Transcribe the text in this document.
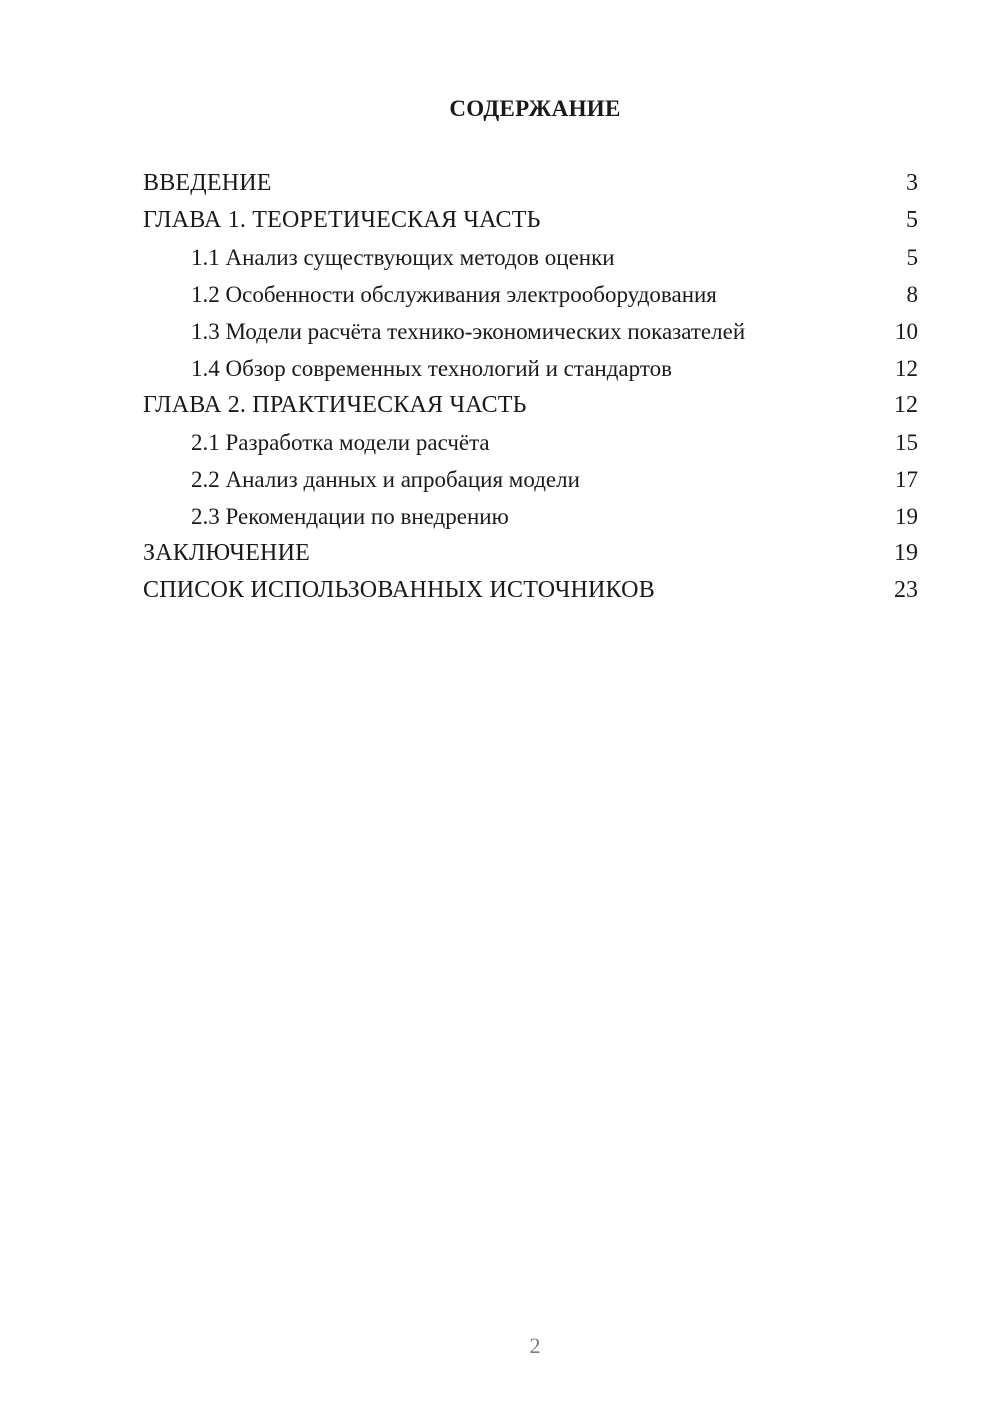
СОДЕРЖАНИЕ
ВВЕДЕНИЕ	3
ГЛАВА 1. ТЕОРЕТИЧЕСКАЯ ЧАСТЬ	5
1.1 Анализ существующих методов оценки	5
1.2 Особенности обслуживания электрооборудования	8
1.3 Модели расчёта технико-экономических показателей	10
1.4 Обзор современных технологий и стандартов	12
ГЛАВА 2. ПРАКТИЧЕСКАЯ ЧАСТЬ	12
2.1 Разработка модели расчёта	15
2.2 Анализ данных и апробация модели	17
2.3 Рекомендации по внедрению	19
ЗАКЛЮЧЕНИЕ	19
СПИСОК ИСПОЛЬЗОВАННЫХ ИСТОЧНИКОВ	23
2
